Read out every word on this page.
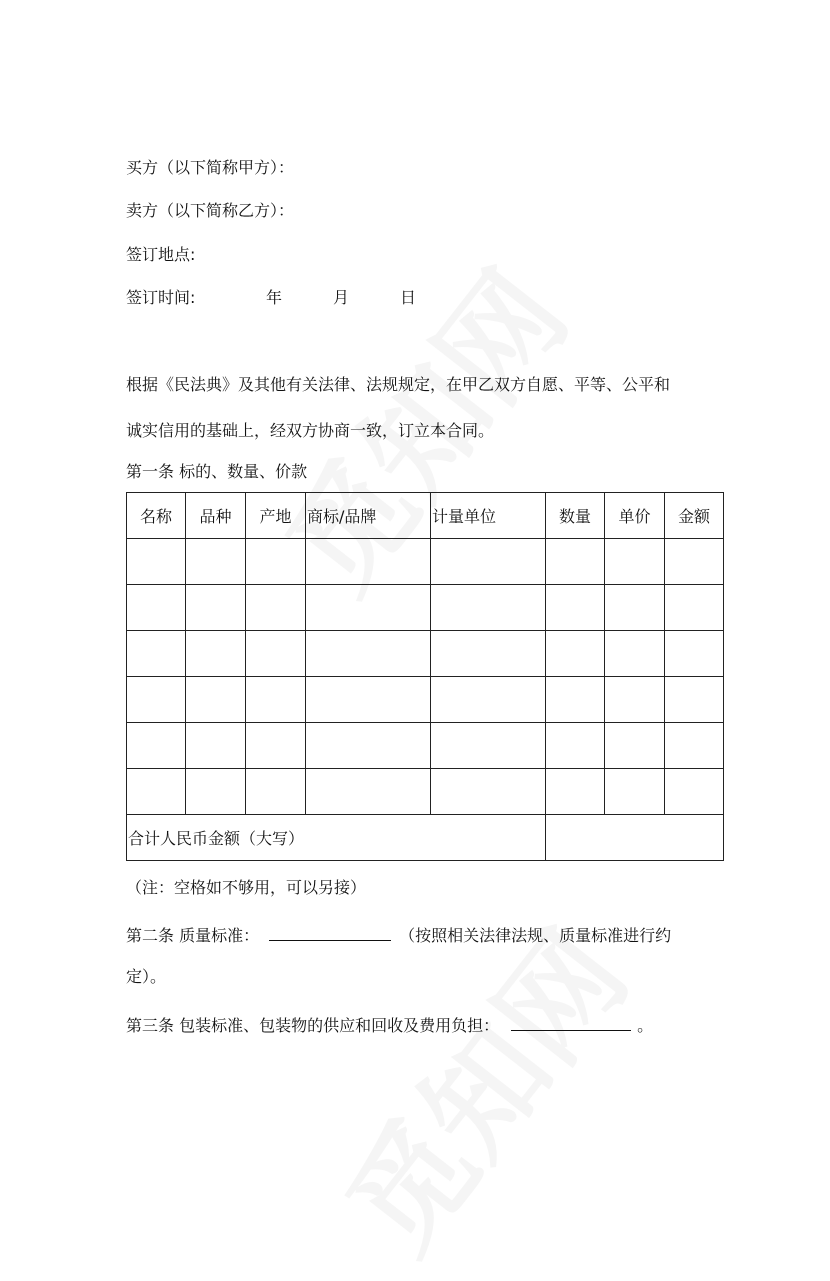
买方（以下简称甲方）：
卖方（以下简称乙方）：
签订地点:
签订时间:	年	月	日
根据《民法典》及其他有关法律、法规规定，在甲乙双方自愿、平等、公平和
诚实信用的基础上，经双方协商一致，订立本合同。
第一条 标的、数量、价款
名称	品种	产地	商标/品牌	计量单位	数量	单价	金额

合计人民币金额（大写）							
（注：空格如不够用，可以另接）
第二条 质量标准：	（按照相关法律法规、质量标准进行约
定）。
第三条 包装标准、包装物的供应和回收及费用负担：	。
